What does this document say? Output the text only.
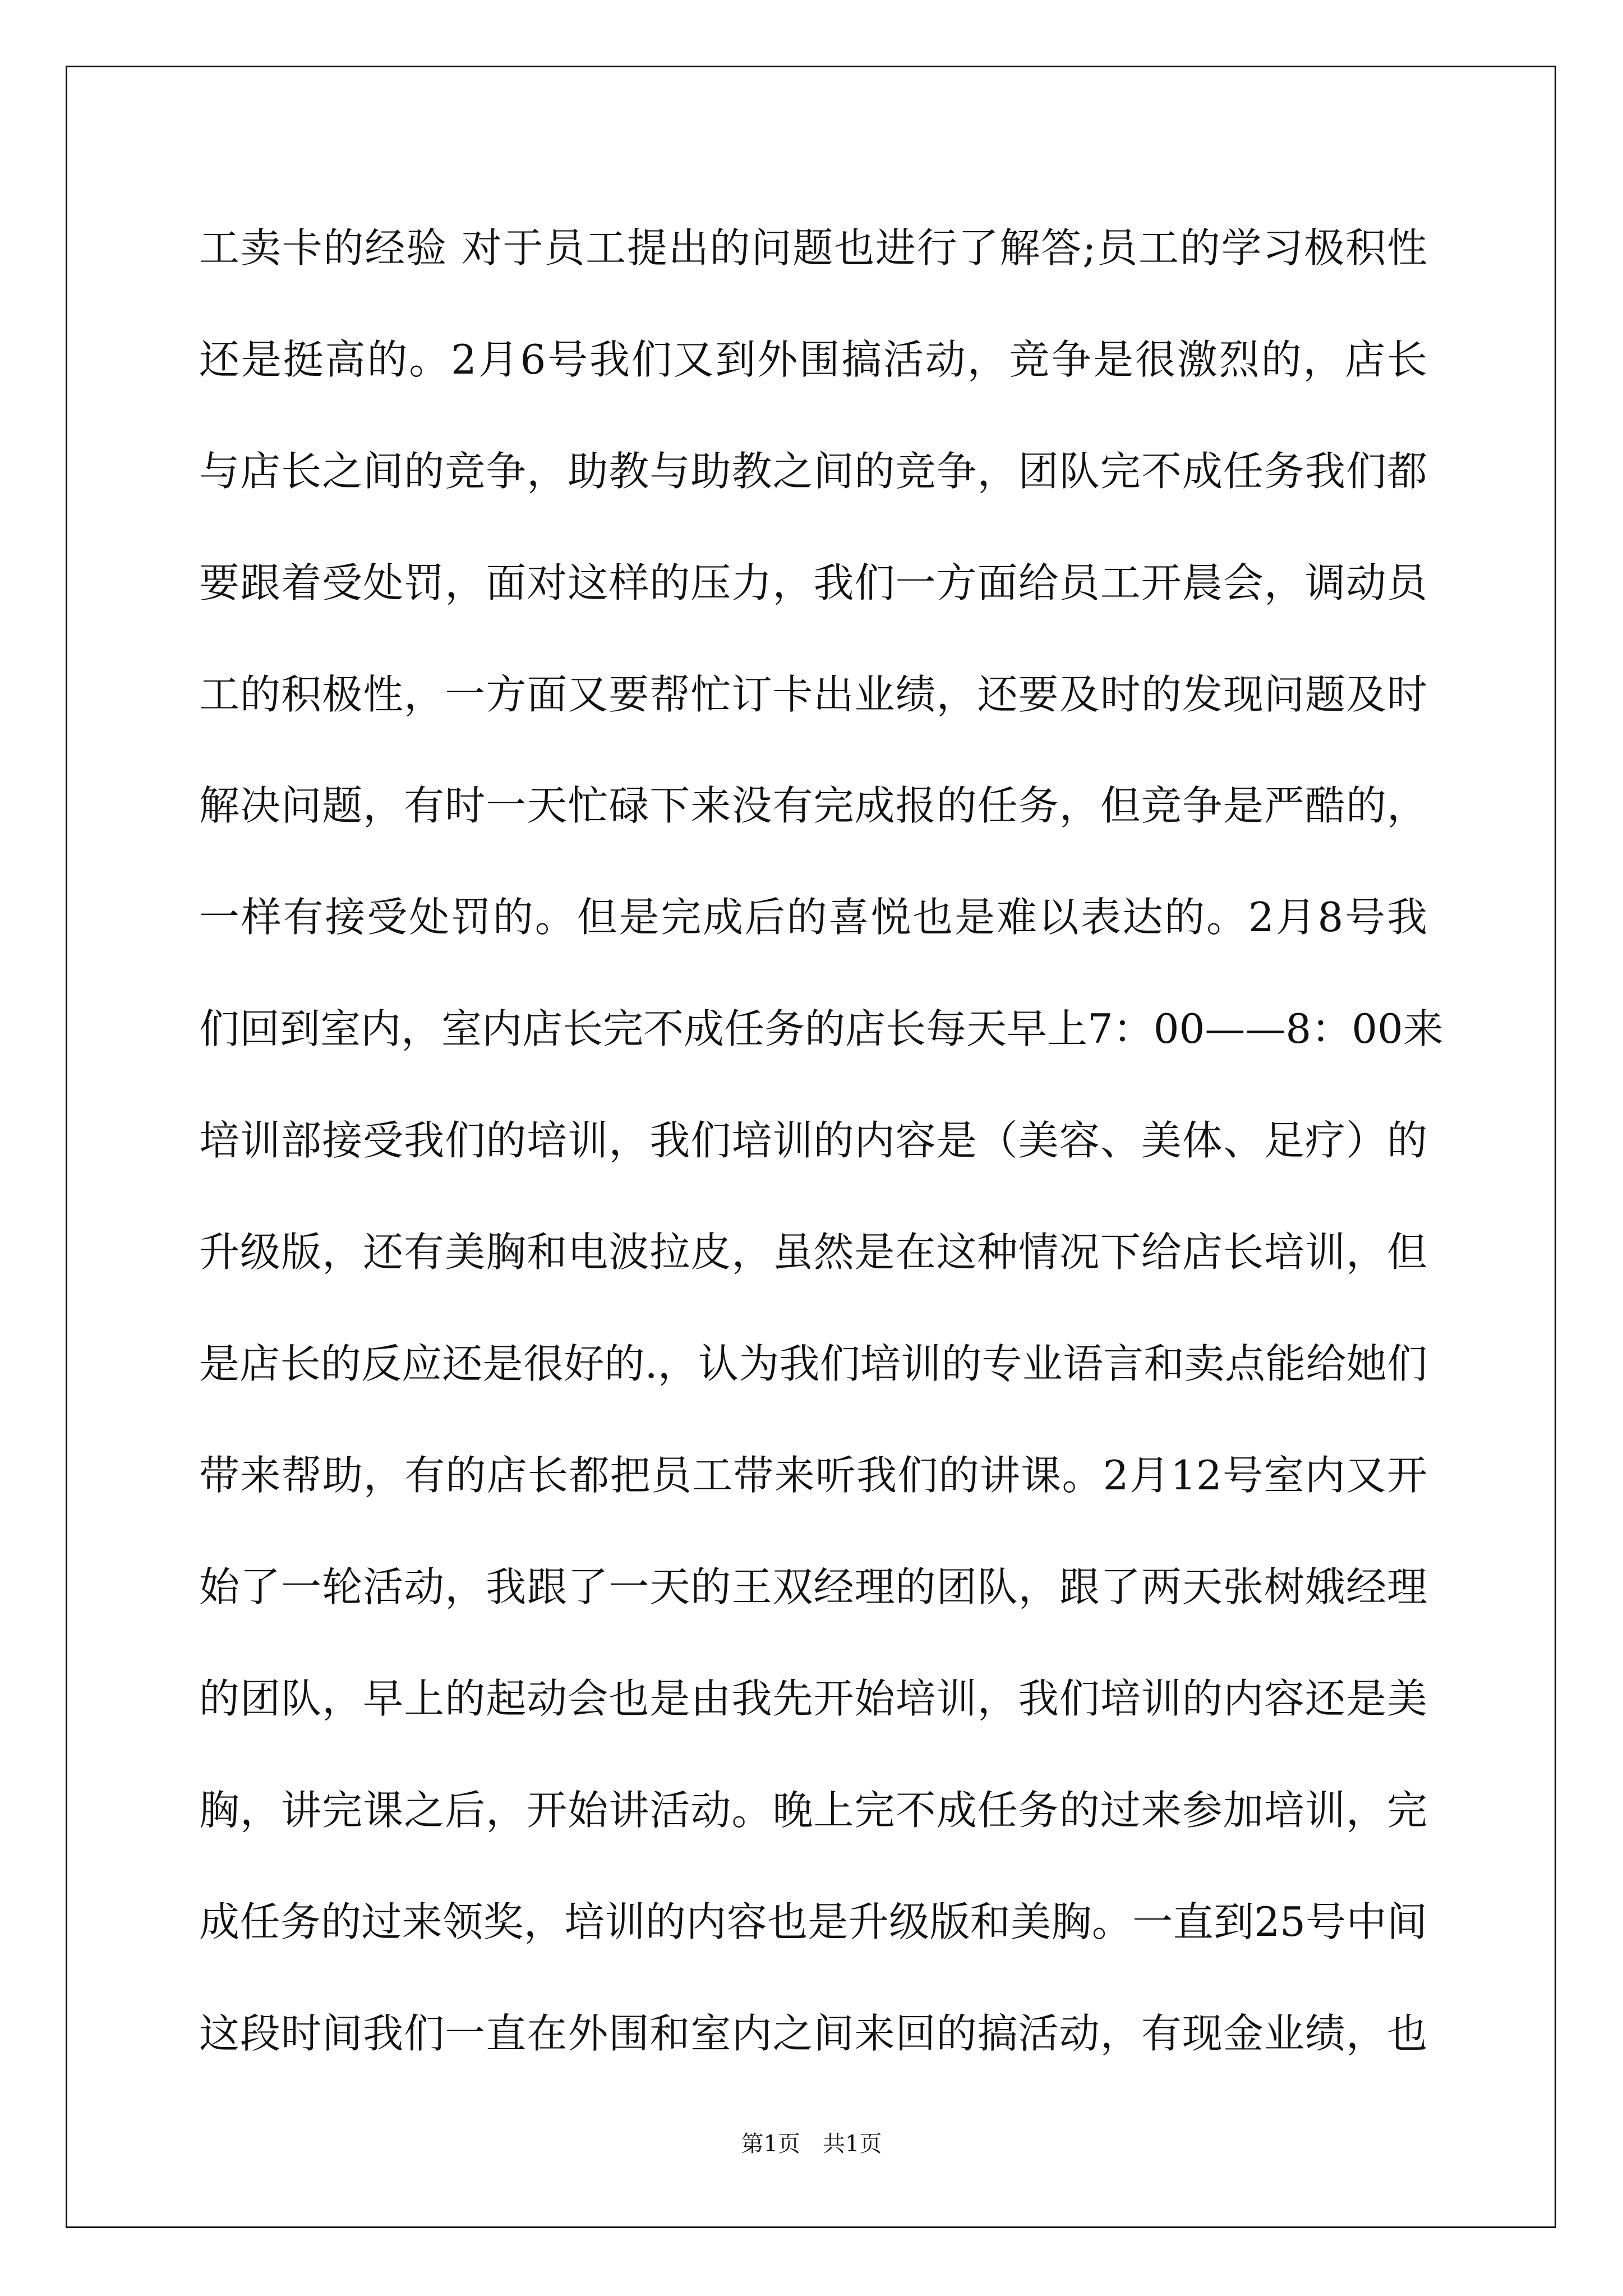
工卖卡的经验 对于员工提出的问题也进行了解答;员工的学习极积性
还是挺高的。2月6号我们又到外围搞活动，竞争是很激烈的，店长
与店长之间的竞争，助教与助教之间的竞争，团队完不成任务我们都
要跟着受处罚，面对这样的压力，我们一方面给员工开晨会，调动员
工的积极性，一方面又要帮忙订卡出业绩，还要及时的发现问题及时
解决问题，有时一天忙碌下来没有完成报的任务，但竞争是严酷的，
一样有接受处罚的。但是完成后的喜悦也是难以表达的。2月8号我
们回到室内，室内店长完不成任务的店长每天早上7：00——8：00来
培训部接受我们的培训，我们培训的内容是（美容、美体、足疗）的
升级版，还有美胸和电波拉皮，虽然是在这种情况下给店长培训，但
是店长的反应还是很好的.，认为我们培训的专业语言和卖点能给她们
带来帮助，有的店长都把员工带来听我们的讲课。2月12号室内又开
始了一轮活动，我跟了一天的王双经理的团队，跟了两天张树娥经理
的团队，早上的起动会也是由我先开始培训，我们培训的内容还是美
胸，讲完课之后，开始讲活动。晚上完不成任务的过来参加培训，完
成任务的过来领奖，培训的内容也是升级版和美胸。一直到25号中间
这段时间我们一直在外围和室内之间来回的搞活动，有现金业绩，也
第1页　共1页
